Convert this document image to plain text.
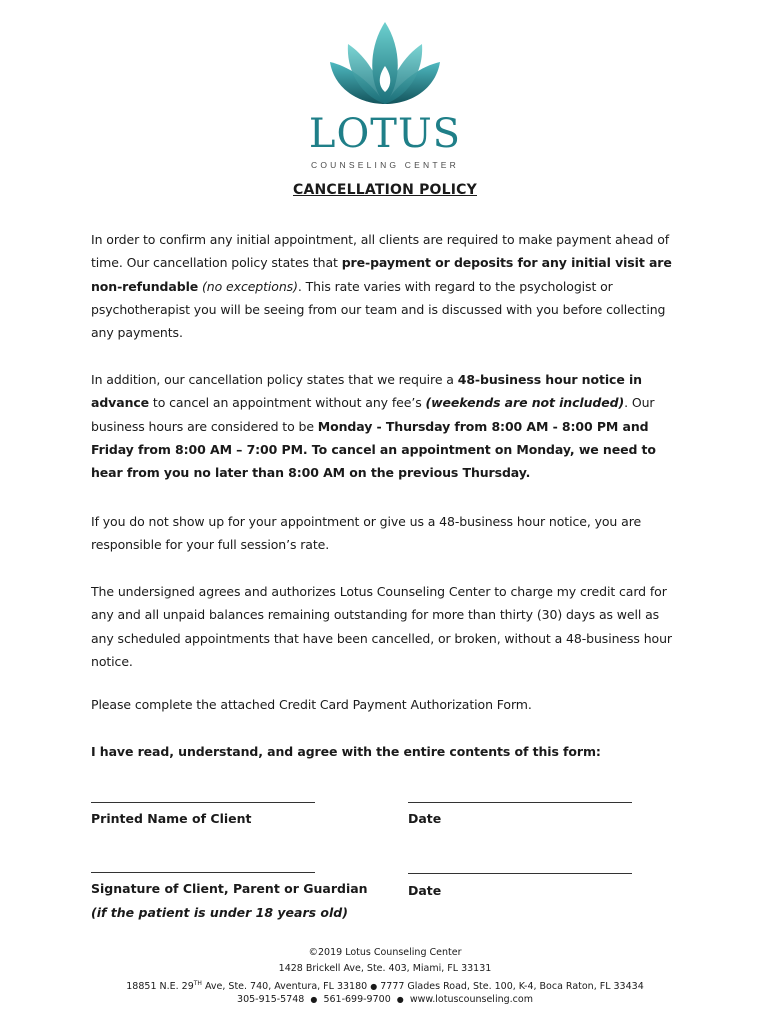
LOTUS
COUNSELING CENTER
CANCELLATION POLICY
In order to confirm any initial appointment, all clients are required to make payment ahead of time. Our cancellation policy states that pre-payment or deposits for any initial visit are non-refundable (no exceptions). This rate varies with regard to the psychologist or psychotherapist you will be seeing from our team and is discussed with you before collecting any payments.
In addition, our cancellation policy states that we require a 48-business hour notice in advance to cancel an appointment without any fee’s (weekends are not included). Our business hours are considered to be Monday - Thursday from 8:00 AM - 8:00 PM and Friday from 8:00 AM – 7:00 PM. To cancel an appointment on Monday, we need to hear from you no later than 8:00 AM on the previous Thursday.
If you do not show up for your appointment or give us a 48-business hour notice, you are responsible for your full session’s rate.
The undersigned agrees and authorizes Lotus Counseling Center to charge my credit card for any and all unpaid balances remaining outstanding for more than thirty (30) days as well as any scheduled appointments that have been cancelled, or broken, without a 48-business hour notice.
Please complete the attached Credit Card Payment Authorization Form.
I have read, understand, and agree with the entire contents of this form:
Printed Name of Client	Date
Signature of Client, Parent or Guardian	Date
(if the patient is under 18 years old)
©2019 Lotus Counseling Center
1428 Brickell Ave, Ste. 403, Miami, FL 33131
18851 N.E. 29TH Ave, Ste. 740, Aventura, FL 33180 ● 7777 Glades Road, Ste. 100, K-4, Boca Raton, FL 33434
305-915-5748 ● 561-699-9700 ● www.lotuscounseling.com
